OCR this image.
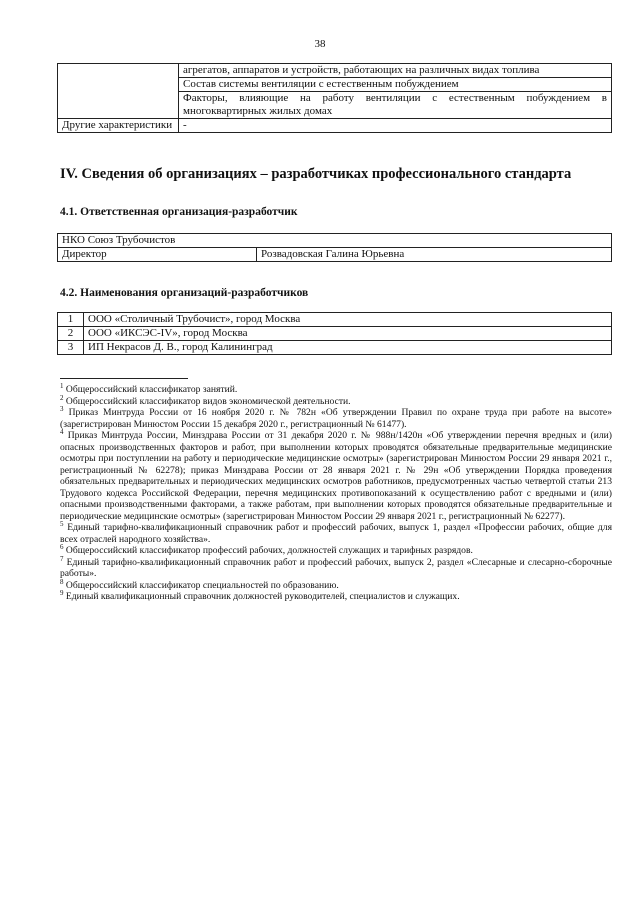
38
	агрегатов, аппаратов и устройств, работающих на различных видах топлива
	Состав системы вентиляции с естественным побуждением
	Факторы, влияющие на работу вентиляции с естественным побуждением в многоквартирных жилых домах
Другие характеристики	-
IV. Сведения об организациях – разработчиках профессионального стандарта
4.1. Ответственная организация-разработчик
НКО Союз Трубочистов
Директор	Розвадовская Галина Юрьевна
4.2. Наименования организаций-разработчиков
1	ООО «Столичный Трубочист», город Москва
2	ООО «ИКСЭС-IV», город Москва
3	ИП Некрасов Д. В., город Калининград

$^1$ Общероссийский классификатор занятий.

$^2$ Общероссийский классификатор видов экономической деятельности.

$^3$ Приказ Минтруда России от 16 ноября 2020 г. № 782н «Об утверждении Правил по охране труда при работе на высоте» (зарегистрирован Минюстом России 15 декабря 2020 г., регистрационный № 61477).

$^4$ Приказ Минтруда России, Минздрава России от 31 декабря 2020 г. № 988н/1420н «Об утверждении перечня вредных и (или) опасных производственных факторов и работ, при выполнении которых проводятся обязательные предварительные медицинские осмотры при поступлении на работу и периодические медицинские осмотры» (зарегистрирован Минюстом России 29 января 2021 г., регистрационный № 62278); приказ Минздрава России от 28 января 2021 г. № 29н «Об утверждении Порядка проведения обязательных предварительных и периодических медицинских осмотров работников, предусмотренных частью четвертой статьи 213 Трудового кодекса Российской Федерации, перечня медицинских противопоказаний к осуществлению работ с вредными и (или) опасными производственными факторами, а также работам, при выполнении которых проводятся обязательные предварительные и периодические медицинские осмотры» (зарегистрирован Минюстом России 29 января 2021 г., регистрационный № 62277).

$^5$ Единый тарифно-квалификационный справочник работ и профессий рабочих, выпуск 1, раздел «Профессии рабочих, общие для всех отраслей народного хозяйства».

$^6$ Общероссийский классификатор профессий рабочих, должностей служащих и тарифных разрядов.

$^7$ Единый тарифно-квалификационный справочник работ и профессий рабочих, выпуск 2, раздел «Слесарные и слесарно-сборочные работы».

$^8$ Общероссийский классификатор специальностей по образованию.

$^9$ Единый квалификационный справочник должностей руководителей, специалистов и служащих.
